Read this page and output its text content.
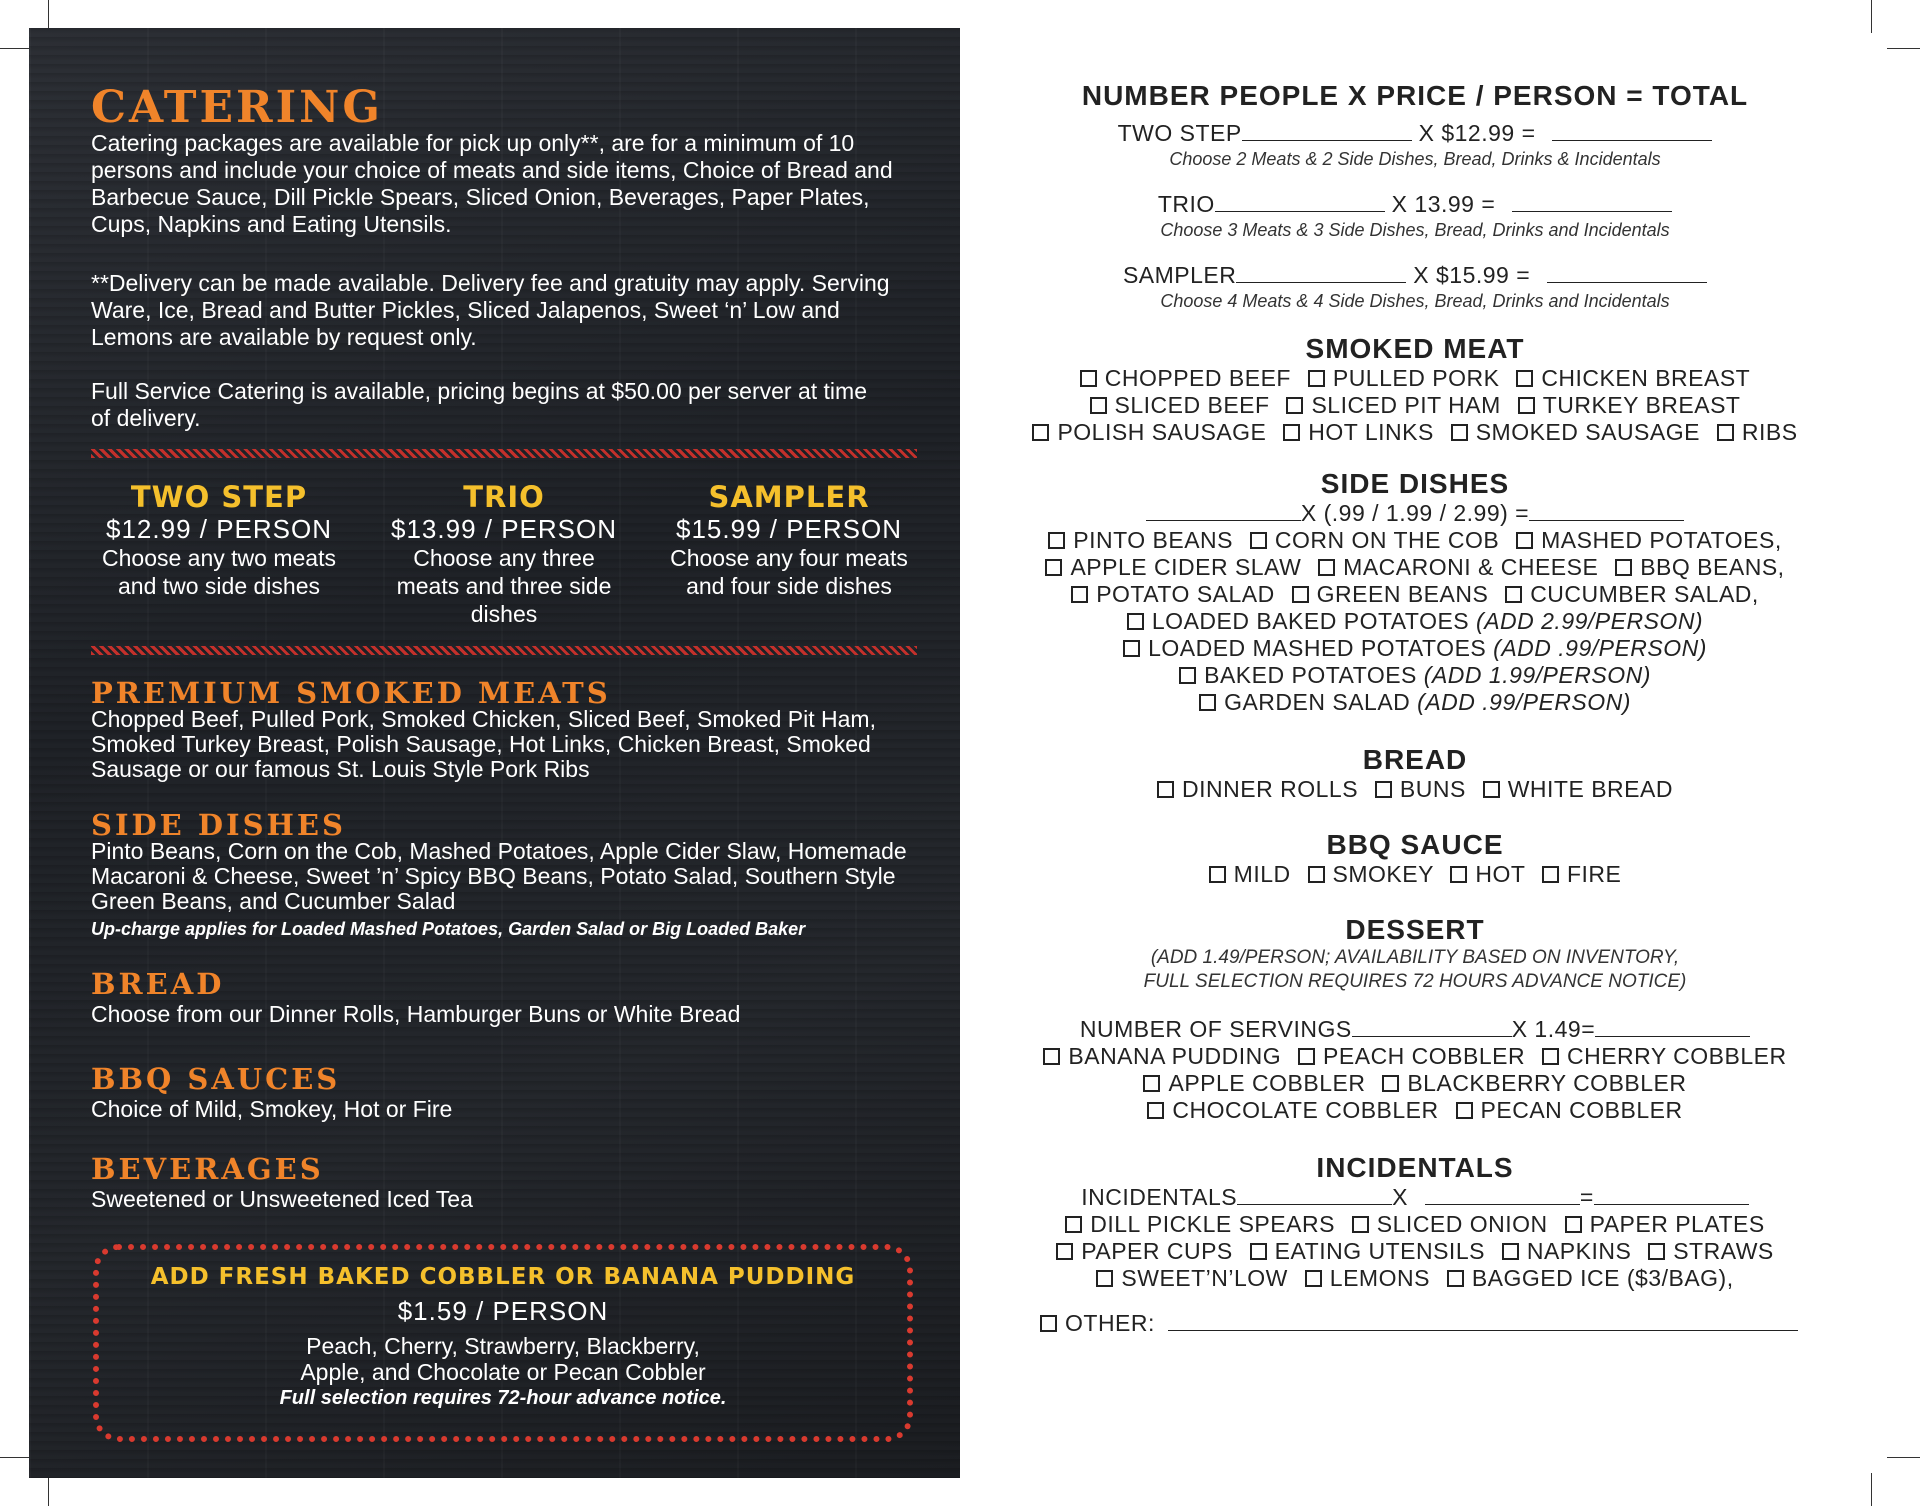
CATERING

Catering packages are available for pick up only**, are for a minimum of 10 persons and include your choice of meats and side items, Choice of Bread and Barbecue Sauce, Dill Pickle Spears, Sliced Onion, Beverages, Paper Plates, Cups, Napkins and Eating Utensils.

**Delivery can be made available. Delivery fee and gratuity may apply. Serving Ware, Ice, Bread and Butter Pickles, Sliced Jalapenos, Sweet ‘n’ Low and Lemons are available by request only.

Full Service Catering is available, pricing begins at $50.00 per server at time of delivery.

TWO STEP
$12.99 / PERSON
Choose any two meats and two side dishes
TRIO
$13.99 / PERSON
Choose any three meats and three side dishes
SAMPLER
$15.99 / PERSON
Choose any four meats and four side dishes
PREMIUM SMOKED MEATS

Chopped Beef, Pulled Pork, Smoked Chicken, Sliced Beef, Smoked Pit Ham, Smoked Turkey Breast, Polish Sausage, Hot Links, Chicken Breast, Smoked Sausage or our famous St. Louis Style Pork Ribs

SIDE DISHES

Pinto Beans, Corn on the Cob, Mashed Potatoes, Apple Cider Slaw, Homemade Macaroni & Cheese, Sweet ’n’ Spicy BBQ Beans, Potato Salad, Southern Style Green Beans, and Cucumber Salad

Up-charge applies for Loaded Mashed Potatoes, Garden Salad or Big Loaded Baker

BREAD

Choose from our Dinner Rolls, Hamburger Buns or White Bread

BBQ SAUCES

Choice of Mild, Smokey, Hot or Fire

BEVERAGES

Sweetened or Unsweetened Iced Tea

ADD FRESH BAKED COBBLER OR BANANA PUDDING
$1.59 / PERSON
Peach, Cherry, Strawberry, Blackberry,
Apple, and Chocolate or Pecan Cobbler
Full selection requires 72-hour advance notice.
NUMBER PEOPLE X PRICE / PERSON = TOTAL

TWO STEP	X $12.99 =

Choose 2 Meats & 2 Side Dishes, Bread, Drinks & Incidentals

TRIO	X 13.99 =

Choose 3 Meats & 3 Side Dishes, Bread, Drinks and Incidentals

SAMPLER	X $15.99 =

Choose 4 Meats & 4 Side Dishes, Bread, Drinks and Incidentals

SMOKED MEAT

CHOPPED BEEF PULLED PORK CHICKEN BREAST

SLICED BEEF SLICED PIT HAM TURKEY BREAST

POLISH SAUSAGE HOT LINKS SMOKED SAUSAGE RIBS

SIDE DISHES

X (.99 / 1.99 / 2.99) =

PINTO BEANS CORN ON THE COB MASHED POTATOES,

APPLE CIDER SLAW MACARONI & CHEESE BBQ BEANS,

POTATO SALAD GREEN BEANS CUCUMBER SALAD,

LOADED BAKED POTATOES (ADD 2.99/PERSON)

LOADED MASHED POTATOES (ADD .99/PERSON)

BAKED POTATOES (ADD 1.99/PERSON)

GARDEN SALAD (ADD .99/PERSON)

BREAD

DINNER ROLLS BUNS WHITE BREAD

BBQ SAUCE

MILD SMOKEY HOT FIRE

DESSERT

(ADD 1.49/PERSON; AVAILABILITY BASED ON INVENTORY,

FULL SELECTION REQUIRES 72 HOURS ADVANCE NOTICE)

NUMBER OF SERVINGS	X 1.49=

BANANA PUDDING PEACH COBBLER CHERRY COBBLER

APPLE COBBLER BLACKBERRY COBBLER

CHOCOLATE COBBLER PECAN COBBLER

INCIDENTALS

INCIDENTALS	X	=

DILL PICKLE SPEARS SLICED ONION PAPER PLATES

PAPER CUPS EATING UTENSILS NAPKINS STRAWS

SWEET’N’LOW LEMONS BAGGED ICE ($3/BAG),

OTHER:
